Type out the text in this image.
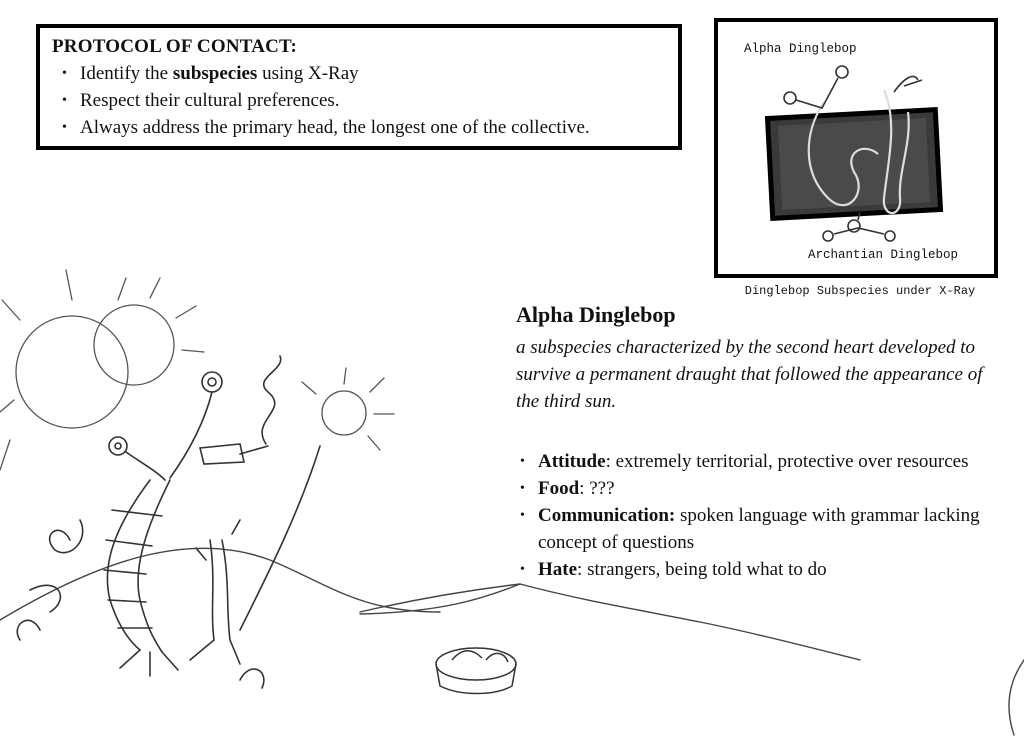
PROTOCOL OF CONTACT:
• Identify the subspecies using X-Ray
• Respect their cultural preferences.
• Always address the primary head, the longest one of the collective.
Alpha Dinglebop
Archantian Dinglebop
Dinglebop Subspecies under X-Ray
Alpha Dinglebop

a subspecies characterized by the second heart developed to survive a permanent draught that followed the appearance of the third sun.

• Attitude: extremely territorial, protective over resources
• Food: ???
• Communication: spoken language with grammar lacking concept of questions
• Hate: strangers, being told what to do
